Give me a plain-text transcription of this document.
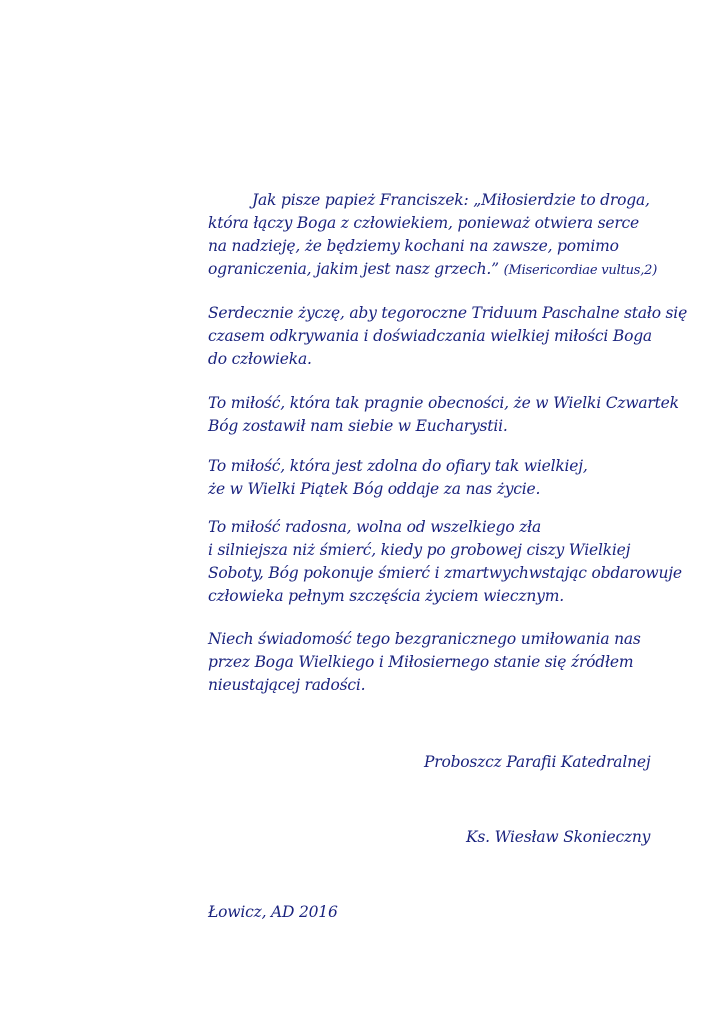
Jak pisze papież Franciszek: „Miłosierdzie to droga,
która łączy Boga z człowiekiem, ponieważ otwiera serce
na nadzieję, że będziemy kochani na zawsze, pomimo
ograniczenia, jakim jest nasz grzech.” (Misericordiae vultus,2)
Serdecznie życzę, aby tegoroczne Triduum Paschalne stało się
czasem odkrywania i doświadczania wielkiej miłości Boga
do człowieka.
To miłość, która tak pragnie obecności, że w Wielki Czwartek
Bóg zostawił nam siebie w Eucharystii.
To miłość, która jest zdolna do ofiary tak wielkiej,
że w Wielki Piątek Bóg oddaje za nas życie.
To miłość radosna, wolna od wszelkiego zła
i silniejsza niż śmierć, kiedy po grobowej ciszy Wielkiej
Soboty, Bóg pokonuje śmierć i zmartwychwstając obdarowuje
człowieka pełnym szczęścia życiem wiecznym.
Niech świadomość tego bezgranicznego umiłowania nas
przez Boga Wielkiego i Miłosiernego stanie się źródłem
nieustającej radości.
Proboszcz Parafii Katedralnej
Ks. Wiesław Skonieczny
Łowicz, AD 2016
